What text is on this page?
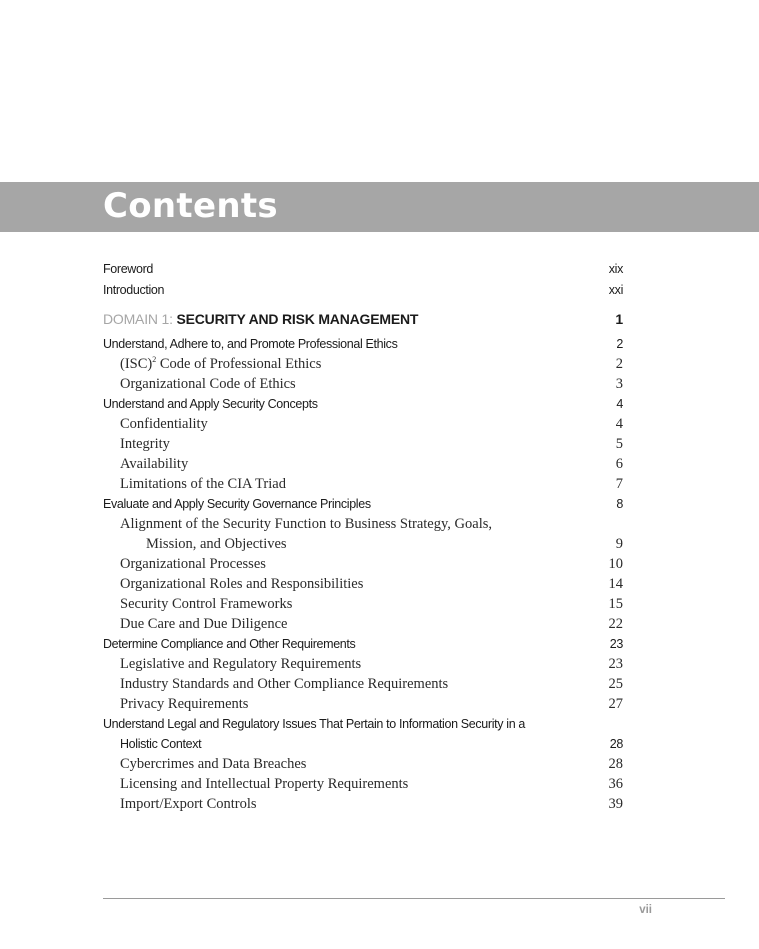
Contents
Foreword	xix
Introduction	xxi
DOMAIN 1: SECURITY AND RISK MANAGEMENT	1
Understand, Adhere to, and Promote Professional Ethics	2
(ISC)$^2$ Code of Professional Ethics	2
Organizational Code of Ethics	3
Understand and Apply Security Concepts	4
Confidentiality	4
Integrity	5
Availability	6
Limitations of the CIA Triad	7
Evaluate and Apply Security Governance Principles	8
Alignment of the Security Function to Business Strategy, Goals,
Mission, and Objectives	9
Organizational Processes	10
Organizational Roles and Responsibilities	14
Security Control Frameworks	15
Due Care and Due Diligence	22
Determine Compliance and Other Requirements	23
Legislative and Regulatory Requirements	23
Industry Standards and Other Compliance Requirements	25
Privacy Requirements	27
Understand Legal and Regulatory Issues That Pertain to Information Security in a
Holistic Context	28
Cybercrimes and Data Breaches	28
Licensing and Intellectual Property Requirements	36
Import/Export Controls	39
vii
